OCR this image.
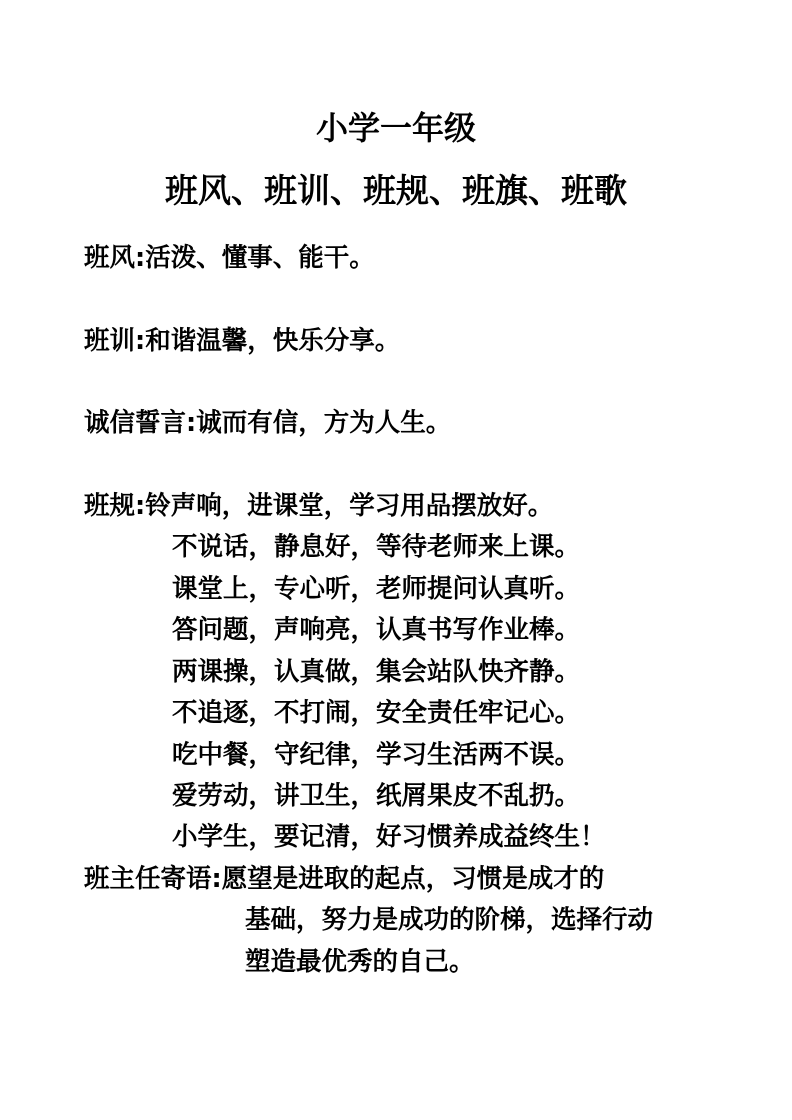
小学一年级
班风、班训、班规、班旗、班歌
班风:活泼、懂事、能干。
班训:和谐温馨，快乐分享。
诚信誓言:诚而有信，方为人生。
班规:铃声响，进课堂，学习用品摆放好。
不说话，静息好，等待老师来上课。
课堂上，专心听，老师提问认真听。
答问题，声响亮，认真书写作业棒。
两课操，认真做，集会站队快齐静。
不追逐，不打闹，安全责任牢记心。
吃中餐，守纪律，学习生活两不误。
爱劳动，讲卫生，纸屑果皮不乱扔。
小学生，要记清，好习惯养成益终生！
班主任寄语:愿望是进取的起点，习惯是成才的
基础，努力是成功的阶梯，选择行动
塑造最优秀的自己。
